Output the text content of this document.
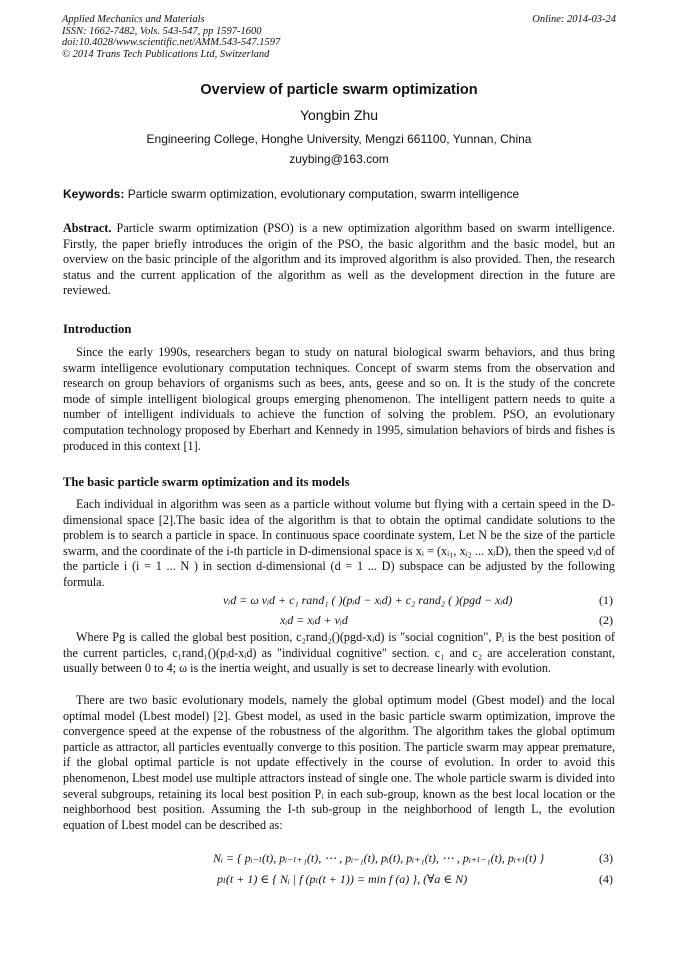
Applied Mechanics and Materials
ISSN: 1662-7482, Vols. 543-547, pp 1597-1600
doi:10.4028/www.scientific.net/AMM.543-547.1597
© 2014 Trans Tech Publications Ltd, Switzerland
Online: 2014-03-24
Overview of particle swarm optimization
Yongbin Zhu
Engineering College, Honghe University, Mengzi 661100, Yunnan, China
zuybing@163.com
Keywords: Particle swarm optimization, evolutionary computation, swarm intelligence
Abstract. Particle swarm optimization (PSO) is a new optimization algorithm based on swarm intelligence. Firstly, the paper briefly introduces the origin of the PSO, the basic algorithm and the basic model, but an overview on the basic principle of the algorithm and its improved algorithm is also provided. Then, the research status and the current application of the algorithm as well as the development direction in the future are reviewed.
Introduction
Since the early 1990s, researchers began to study on natural biological swarm behaviors, and thus bring swarm intelligence evolutionary computation techniques. Concept of swarm stems from the observation and research on group behaviors of organisms such as bees, ants, geese and so on. It is the study of the concrete mode of simple intelligent biological groups emerging phenomenon. The intelligent pattern needs to quite a number of intelligent individuals to achieve the function of solving the problem. PSO, an evolutionary computation technology proposed by Eberhart and Kennedy in 1995, simulation behaviors of birds and fishes is produced in this context [1].
The basic particle swarm optimization and its models
Each individual in algorithm was seen as a particle without volume but flying with a certain speed in the D-dimensional space [2].The basic idea of the algorithm is that to obtain the optimal candidate solutions to the problem is to search a particle in space. In continuous space coordinate system, Let N be the size of the particle swarm, and the coordinate of the i-th particle in D-dimensional space is xᵢ = (xᵢ₁, xᵢ₂ ... xᵢD), then the speed vᵢd of the particle i (i = 1 ... N ) in section d-dimensional (d = 1 ... D) subspace can be adjusted by the following formula.
vᵢd = ω vᵢd + c₁ rand₁ ( )(pᵢd − xᵢd) + c₂ rand₂ ( )(pgd − xᵢd)	(1)
xᵢd = xᵢd + vᵢd	(2)
Where Pg is called the global best position, c₂rand₂()(pgd-xᵢd) is "social cognition", Pᵢ is the best position of the current particles, c₁rand₁()(pᵢd-xᵢd) as "individual cognitive" section. c₁ and c₂ are acceleration constant, usually between 0 to 4; ω is the inertia weight, and usually is set to decrease linearly with evolution.
There are two basic evolutionary models, namely the global optimum model (Gbest model) and the local optimal model (Lbest model) [2]. Gbest model, as used in the basic particle swarm optimization, improve the convergence speed at the expense of the robustness of the algorithm. The algorithm takes the global optimum particle as attractor, all particles eventually converge to this position. The particle swarm may appear premature, if the global optimal particle is not update effectively in the course of evolution. In order to avoid this phenomenon, Lbest model use multiple attractors instead of single one. The whole particle swarm is divided into several subgroups, retaining its local best position Pᵢ in each sub-group, known as the best local location or the neighborhood best position. Assuming the I-th sub-group in the neighborhood of length L, the evolution equation of Lbest model can be described as:
Nᵢ = { pᵢ₋ₗ(t), pᵢ₋ₗ₊₁(t), ⋯ , pᵢ₋₁(t), pᵢ(t), pᵢ₊₁(t), ⋯ , pᵢ₊ₗ₋₁(t), pᵢ₊ₗ(t) }	(3)
pₗ(t + 1) ∈ { Nᵢ | f (pₗ(t + 1)) = min f (a) }, (∀a ∈ N)	(4)
